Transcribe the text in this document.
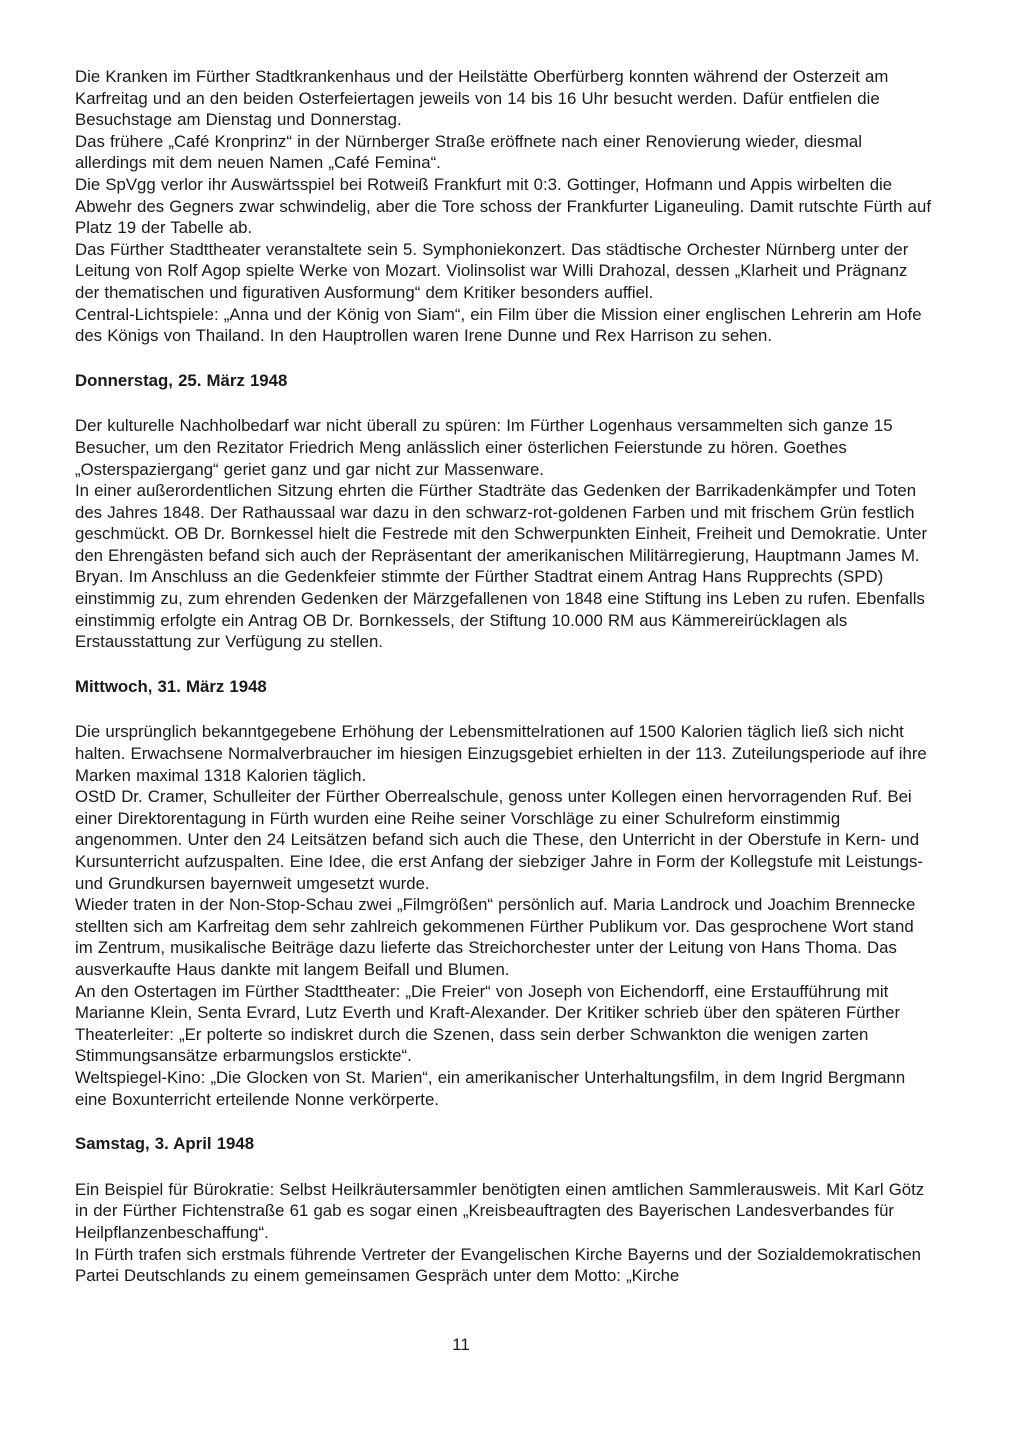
Die Kranken im Fürther Stadtkrankenhaus und der Heilstätte Oberfürberg konnten während der Osterzeit am Karfreitag und an den beiden Osterfeiertagen jeweils von 14 bis 16 Uhr besucht werden. Dafür entfielen die Besuchstage am Dienstag und Donnerstag.

Das frühere „Café Kronprinz“ in der Nürnberger Straße eröffnete nach einer Renovierung wieder, diesmal allerdings mit dem neuen Namen „Café Femina“.

Die SpVgg verlor ihr Auswärtsspiel bei Rotweiß Frankfurt mit 0:3. Gottinger, Hofmann und Appis wirbelten die Abwehr des Gegners zwar schwindelig, aber die Tore schoss der Frankfurter Liganeuling. Damit rutschte Fürth auf Platz 19 der Tabelle ab.

Das Fürther Stadttheater veranstaltete sein 5. Symphoniekonzert. Das städtische Orchester Nürnberg unter der Leitung von Rolf Agop spielte Werke von Mozart. Violinsolist war Willi Drahozal, dessen „Klarheit und Prägnanz der thematischen und figurativen Ausformung“ dem Kritiker besonders auffiel.

Central-Lichtspiele: „Anna und der König von Siam“, ein Film über die Mission einer englischen Lehrerin am Hofe des Königs von Thailand. In den Hauptrollen waren Irene Dunne und Rex Harrison zu sehen.

Donnerstag, 25. März 1948

Der kulturelle Nachholbedarf war nicht überall zu spüren: Im Fürther Logenhaus versammelten sich ganze 15 Besucher, um den Rezitator Friedrich Meng anlässlich einer österlichen Feierstunde zu hören. Goethes „Osterspaziergang“ geriet ganz und gar nicht zur Massenware.

In einer außerordentlichen Sitzung ehrten die Fürther Stadträte das Gedenken der Barrikadenkämpfer und Toten des Jahres 1848. Der Rathaussaal war dazu in den schwarz-rot-goldenen Farben und mit frischem Grün festlich geschmückt. OB Dr. Bornkessel hielt die Festrede mit den Schwerpunkten Einheit, Freiheit und Demokratie. Unter den Ehrengästen befand sich auch der Repräsentant der amerikanischen Militärregierung, Hauptmann James M. Bryan. Im Anschluss an die Gedenkfeier stimmte der Fürther Stadtrat einem Antrag Hans Rupprechts (SPD) einstimmig zu, zum ehrenden Gedenken der Märzgefallenen von 1848 eine Stiftung ins Leben zu rufen. Ebenfalls einstimmig erfolgte ein Antrag OB Dr. Bornkessels, der Stiftung 10.000 RM aus Kämmereirücklagen als Erstausstattung zur Verfügung zu stellen.

Mittwoch, 31. März 1948

Die ursprünglich bekanntgegebene Erhöhung der Lebensmittelrationen auf 1500 Kalorien täglich ließ sich nicht halten. Erwachsene Normalverbraucher im hiesigen Einzugsgebiet erhielten in der 113. Zuteilungsperiode auf ihre Marken maximal 1318 Kalorien täglich.

OStD Dr. Cramer, Schulleiter der Fürther Oberrealschule, genoss unter Kollegen einen hervorragenden Ruf. Bei einer Direktorentagung in Fürth wurden eine Reihe seiner Vorschläge zu einer Schulreform einstimmig angenommen. Unter den 24 Leitsätzen befand sich auch die These, den Unterricht in der Oberstufe in Kern- und Kursunterricht aufzuspalten. Eine Idee, die erst Anfang der siebziger Jahre in Form der Kollegstufe mit Leistungs- und Grundkursen bayernweit umgesetzt wurde.

Wieder traten in der Non-Stop-Schau zwei „Filmgrößen“ persönlich auf. Maria Landrock und Joachim Brennecke stellten sich am Karfreitag dem sehr zahlreich gekommenen Fürther Publikum vor. Das gesprochene Wort stand im Zentrum, musikalische Beiträge dazu lieferte das Streichorchester unter der Leitung von Hans Thoma. Das ausverkaufte Haus dankte mit langem Beifall und Blumen.

An den Ostertagen im Fürther Stadttheater: „Die Freier“ von Joseph von Eichendorff, eine Erstaufführung mit Marianne Klein, Senta Evrard, Lutz Everth und Kraft-Alexander. Der Kritiker schrieb über den späteren Fürther Theaterleiter: „Er polterte so indiskret durch die Szenen, dass sein derber Schwankton die wenigen zarten Stimmungsansätze erbarmungslos erstickte“.

Weltspiegel-Kino: „Die Glocken von St. Marien“, ein amerikanischer Unterhaltungsfilm, in dem Ingrid Bergmann eine Boxunterricht erteilende Nonne verkörperte.

Samstag, 3. April 1948

Ein Beispiel für Bürokratie: Selbst Heilkräutersammler benötigten einen amtlichen Sammlerausweis. Mit Karl Götz in der Fürther Fichtenstraße 61 gab es sogar einen „Kreisbeauftragten des Bayerischen Landesverbandes für Heilpflanzenbeschaffung“.

In Fürth trafen sich erstmals führende Vertreter der Evangelischen Kirche Bayerns und der Sozialdemokratischen Partei Deutschlands zu einem gemeinsamen Gespräch unter dem Motto: „Kirche

11
